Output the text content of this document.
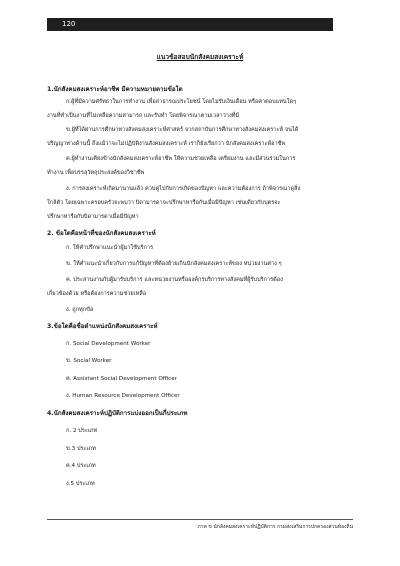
120
แนวข้อสอบนักสังคมสงเคราะห์
1.นักสังคมสงเคราะห์อาชีพ มีความหมายตามข้อใด
ก.ผู้ที่มีความศรัทธาในการทำงาน เพื่อสาธารณประโยชน์ โดยไม่รับเงินเดือน หรือค่าตอบแทนใดๆ
งานที่ทำเป็นงานที่ไม่เหลือความสามารถ และรับทำ โดยพิจารณาตามเวลาว่างที่มี
ข.ผู้ที่ได้ผ่านการศึกษาทางสังคมสงเคราะห์ศาสตร์ จากสถาบันการศึกษาทางสังคมสงเคราะห์ จนได้
ปริญญาทางด้านนี้ ถึงแม้ว่าจะไม่ปฏิบัติงานสังคมสงเคราะห์ เราก็ยังเรียกว่า นักสังคมสงเคราะห์อาชีพ
ค.ผู้ทำงานเคียงข้างนักสังคมสงเคราะห์อาชีพ ให้ความช่วยเหลือ เตรียมงาน และมีส่วนร่วมในการ
ทำงาน เพื่อบรรลุวัตถุประสงค์ของวิชาชีพ
ง. การสงเคราะห์เกิดมานานแล้ว ควบคู่ไปกับการเกิดของปัญหา และความต้องการ ถ้าพิจารณาดูสิ่ง
ใกล้ตัว โดยเฉพาะครอบครัวจะพบว่า บิดามารดาจะปรึกษาหารือกันเมื่อมีปัญหา เช่นเดียวกับบุตรจะ
ปรึกษาหารือกับบิดามารดาเมื่อมีปัญหา
2. ข้อใดคือหน้าที่ของนักสังคมสงเคราะห์
ก. ให้คำปรึกษาแนะนำผู้มาใช้บริการ
ข. ให้คำแนะนำเกี่ยวกับการแก้ปัญหาที่ต้องย้ายเกินนักสังคมสงเคราะห์ของ หน่วยงานต่าง ๆ
ค. ประสานงานกับผู้มารับบริการ และหน่วยงานหรือองค์กรบริการทางสังคมที่ผู้รับบริการต้อง
เกี่ยวข้องด้วย หรือต้องการความช่วยเหลือ
ง. ถูกทุกข้อ
3.ข้อใดคือชื่อตำแหน่งนักสังคมสงเคราะห์
ก. Social Development Worker
ข. Social Worker
ค. Assistant Social Development Officer
ง. Human Resource Development Officer
4.นักสังคมสงเคราะห์ปฏิบัติการแบ่งออกเป็นกี่ประเภท
ก. 2 ประเภท
ข.3 ประเภท
ค.4 ประเภท
ง.5 ประเภท
ภาค ข นักสังคมสงเคราะห์ปฏิบัติการ กรมส่งเสริมการปกครองส่วนท้องถิ่น
